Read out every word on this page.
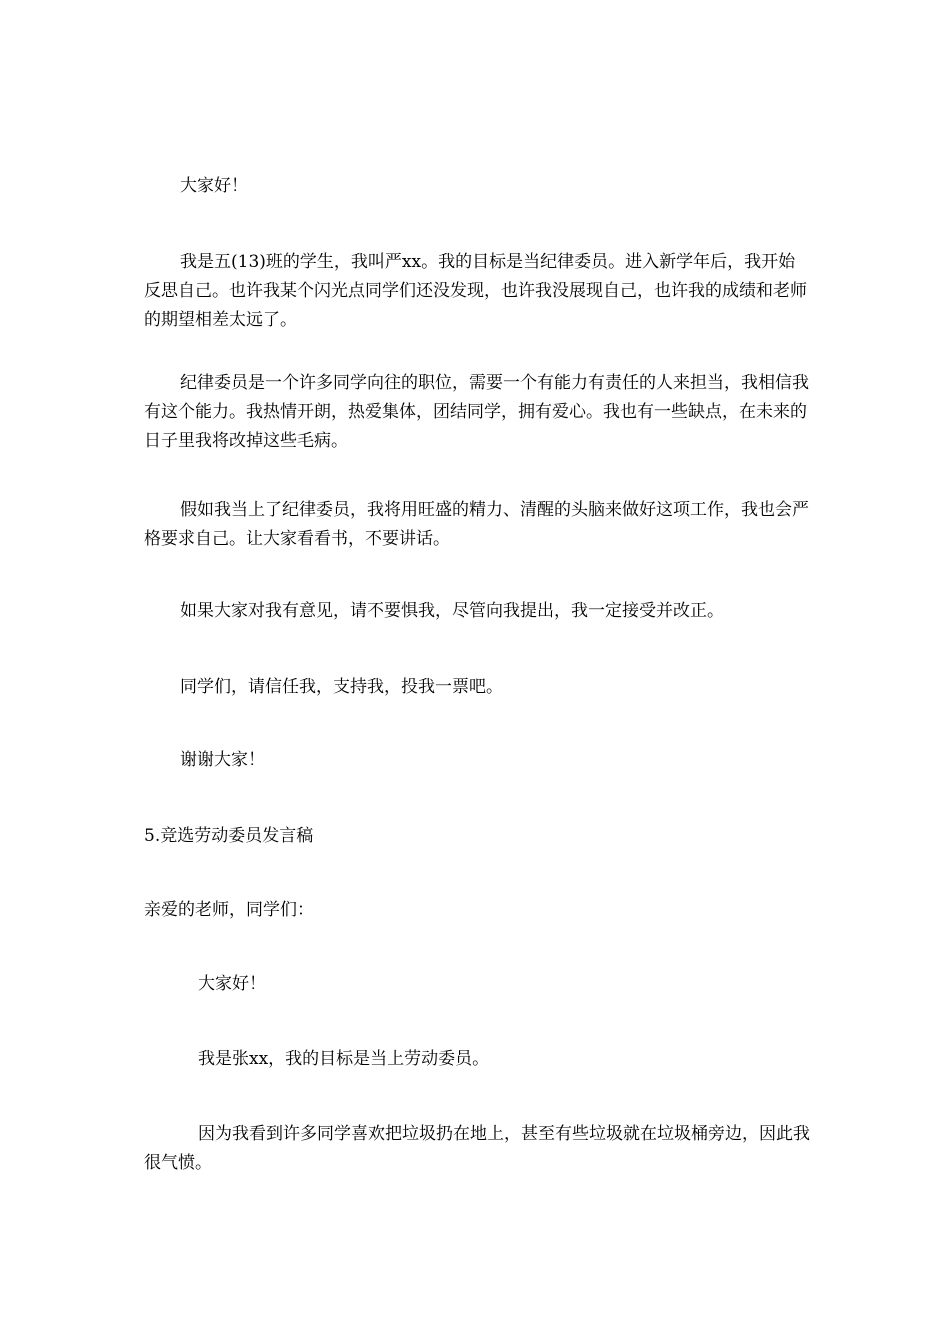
大家好！

我是五(13)班的学生，我叫严xx。我的目标是当纪律委员。进入新学年后，我开始反思自己。也许我某个闪光点同学们还没发现，也许我没展现自己，也许我的成绩和老师的期望相差太远了。

纪律委员是一个许多同学向往的职位，需要一个有能力有责任的人来担当，我相信我有这个能力。我热情开朗，热爱集体，团结同学，拥有爱心。我也有一些缺点，在未来的日子里我将改掉这些毛病。

假如我当上了纪律委员，我将用旺盛的精力、清醒的头脑来做好这项工作，我也会严格要求自己。让大家看看书，不要讲话。

如果大家对我有意见，请不要惧我，尽管向我提出，我一定接受并改正。

同学们，请信任我，支持我，投我一票吧。

谢谢大家！

5.竞选劳动委员发言稿

亲爱的老师，同学们：

大家好！

我是张xx，我的目标是当上劳动委员。

因为我看到许多同学喜欢把垃圾扔在地上，甚至有些垃圾就在垃圾桶旁边，因此我很气愤。
